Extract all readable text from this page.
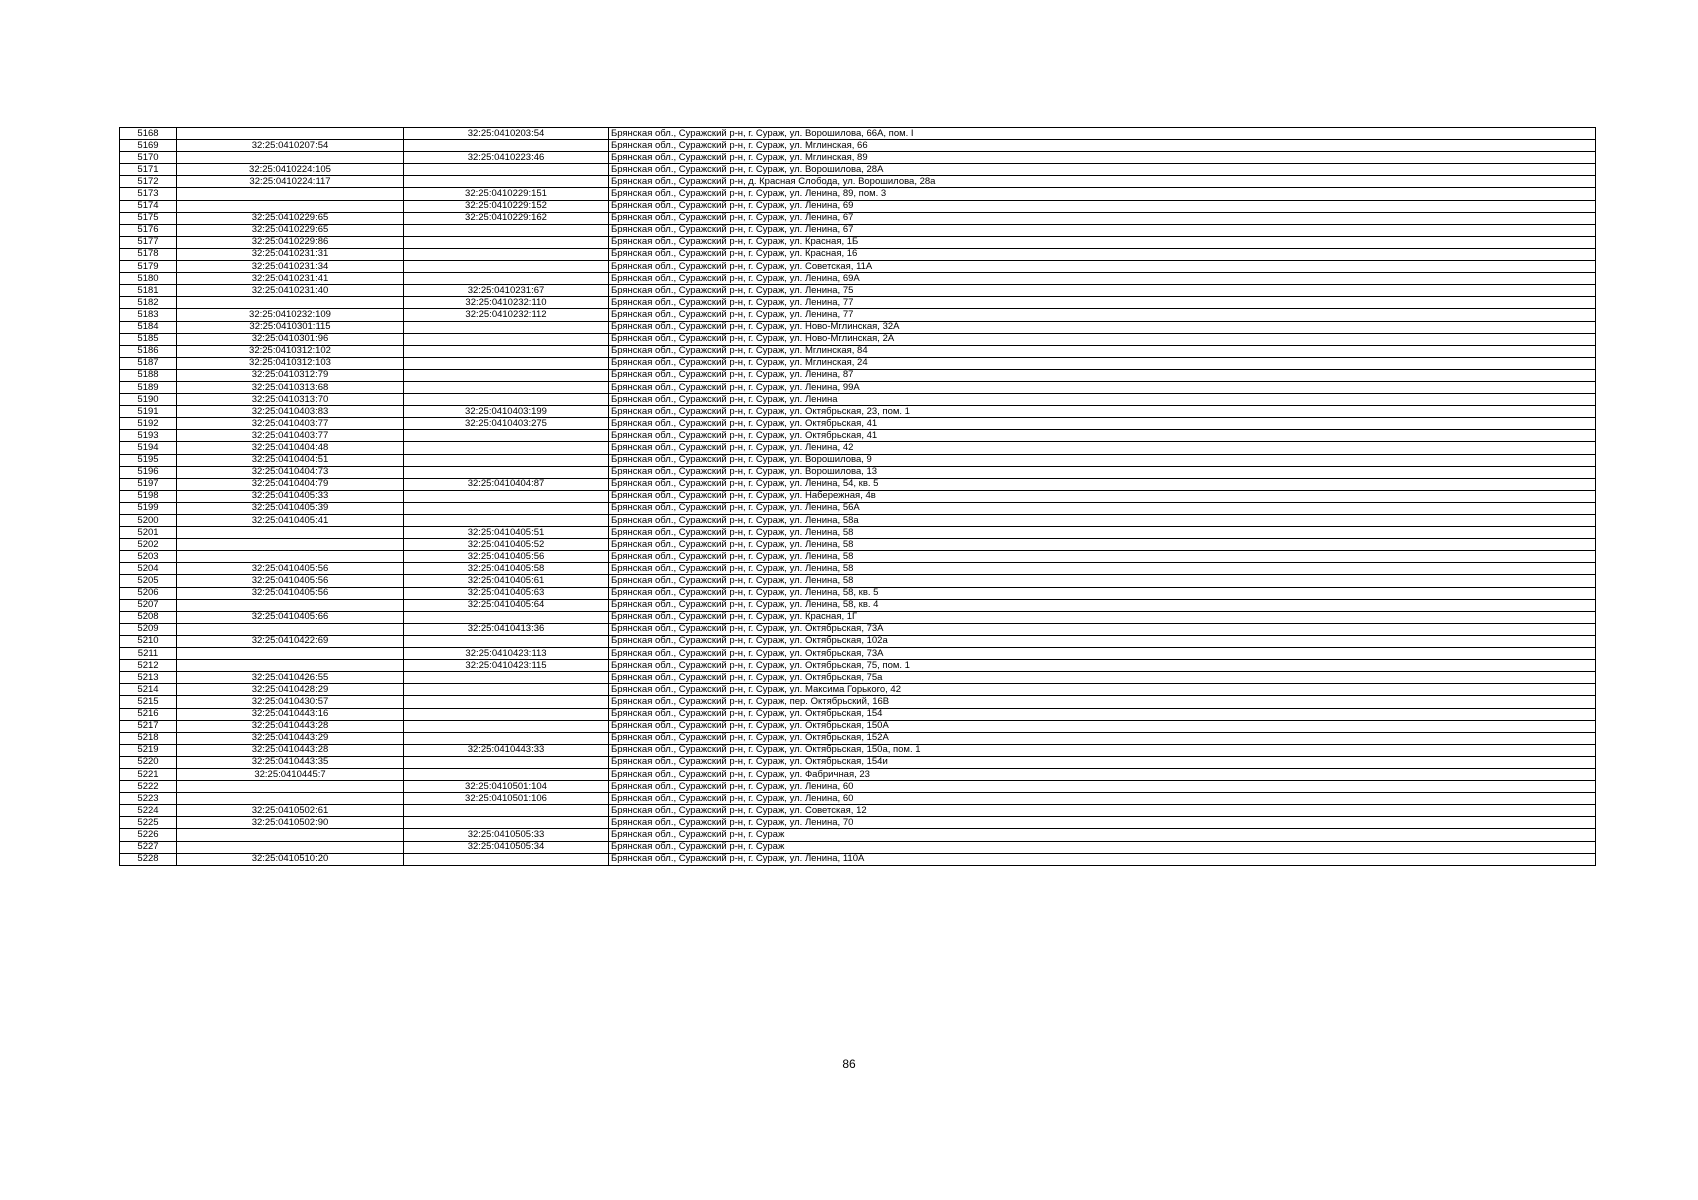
5168		32:25:0410203:54	Брянская обл., Суражский р-н, г. Сураж, ул. Ворошилова, 66А, пом. I
5169	32:25:0410207:54		Брянская обл., Суражский р-н, г. Сураж, ул. Мглинская, 66
5170		32:25:0410223:46	Брянская обл., Суражский р-н, г. Сураж, ул. Мглинская, 89
5171	32:25:0410224:105		Брянская обл., Суражский р-н, г. Сураж, ул. Ворошилова, 28А
5172	32:25:0410224:117		Брянская обл., Суражский р-н, д. Красная Слобода, ул. Ворошилова, 28а
5173		32:25:0410229:151	Брянская обл., Суражский р-н, г. Сураж, ул. Ленина, 89, пом. 3
5174		32:25:0410229:152	Брянская обл., Суражский р-н, г. Сураж, ул. Ленина, 69
5175	32:25:0410229:65	32:25:0410229:162	Брянская обл., Суражский р-н, г. Сураж, ул. Ленина, 67
5176	32:25:0410229:65		Брянская обл., Суражский р-н, г. Сураж, ул. Ленина, 67
5177	32:25:0410229:86		Брянская обл., Суражский р-н, г. Сураж, ул. Красная, 1Б
5178	32:25:0410231:31		Брянская обл., Суражский р-н, г. Сураж, ул. Красная, 16
5179	32:25:0410231:34		Брянская обл., Суражский р-н, г. Сураж, ул. Советская, 11А
5180	32:25:0410231:41		Брянская обл., Суражский р-н, г. Сураж, ул. Ленина, 69А
5181	32:25:0410231:40	32:25:0410231:67	Брянская обл., Суражский р-н, г. Сураж, ул. Ленина, 75
5182		32:25:0410232:110	Брянская обл., Суражский р-н, г. Сураж, ул. Ленина, 77
5183	32:25:0410232:109	32:25:0410232:112	Брянская обл., Суражский р-н, г. Сураж, ул. Ленина, 77
5184	32:25:0410301:115		Брянская обл., Суражский р-н, г. Сураж, ул. Ново-Мглинская, 32А
5185	32:25:0410301:96		Брянская обл., Суражский р-н, г. Сураж, ул. Ново-Мглинская, 2А
5186	32:25:0410312:102		Брянская обл., Суражский р-н, г. Сураж, ул. Мглинская, 84
5187	32:25:0410312:103		Брянская обл., Суражский р-н, г. Сураж, ул. Мглинская, 24
5188	32:25:0410312:79		Брянская обл., Суражский р-н, г. Сураж, ул. Ленина, 87
5189	32:25:0410313:68		Брянская обл., Суражский р-н, г. Сураж, ул. Ленина, 99А
5190	32:25:0410313:70		Брянская обл., Суражский р-н, г. Сураж, ул. Ленина
5191	32:25:0410403:83	32:25:0410403:199	Брянская обл., Суражский р-н, г. Сураж, ул. Октябрьская, 23, пом. 1
5192	32:25:0410403:77	32:25:0410403:275	Брянская обл., Суражский р-н, г. Сураж, ул. Октябрьская, 41
5193	32:25:0410403:77		Брянская обл., Суражский р-н, г. Сураж, ул. Октябрьская, 41
5194	32:25:0410404:48		Брянская обл., Суражский р-н, г. Сураж, ул. Ленина, 42
5195	32:25:0410404:51		Брянская обл., Суражский р-н, г. Сураж, ул. Ворошилова, 9
5196	32:25:0410404:73		Брянская обл., Суражский р-н, г. Сураж, ул. Ворошилова, 13
5197	32:25:0410404:79	32:25:0410404:87	Брянская обл., Суражский р-н, г. Сураж, ул. Ленина, 54, кв. 5
5198	32:25:0410405:33		Брянская обл., Суражский р-н, г. Сураж, ул. Набережная, 4в
5199	32:25:0410405:39		Брянская обл., Суражский р-н, г. Сураж, ул. Ленина, 56А
5200	32:25:0410405:41		Брянская обл., Суражский р-н, г. Сураж, ул. Ленина, 58а
5201		32:25:0410405:51	Брянская обл., Суражский р-н, г. Сураж, ул. Ленина, 58
5202		32:25:0410405:52	Брянская обл., Суражский р-н, г. Сураж, ул. Ленина, 58
5203		32:25:0410405:56	Брянская обл., Суражский р-н, г. Сураж, ул. Ленина, 58
5204	32:25:0410405:56	32:25:0410405:58	Брянская обл., Суражский р-н, г. Сураж, ул. Ленина, 58
5205	32:25:0410405:56	32:25:0410405:61	Брянская обл., Суражский р-н, г. Сураж, ул. Ленина, 58
5206	32:25:0410405:56	32:25:0410405:63	Брянская обл., Суражский р-н, г. Сураж, ул. Ленина, 58, кв. 5
5207		32:25:0410405:64	Брянская обл., Суражский р-н, г. Сураж, ул. Ленина, 58, кв. 4
5208	32:25:0410405:66		Брянская обл., Суражский р-н, г. Сураж, ул. Красная, 1Г
5209		32:25:0410413:36	Брянская обл., Суражский р-н, г. Сураж, ул. Октябрьская, 73А
5210	32:25:0410422:69		Брянская обл., Суражский р-н, г. Сураж, ул. Октябрьская, 102а
5211		32:25:0410423:113	Брянская обл., Суражский р-н, г. Сураж, ул. Октябрьская, 73А
5212		32:25:0410423:115	Брянская обл., Суражский р-н, г. Сураж, ул. Октябрьская, 75, пом. 1
5213	32:25:0410426:55		Брянская обл., Суражский р-н, г. Сураж, ул. Октябрьская, 75а
5214	32:25:0410428:29		Брянская обл., Суражский р-н, г. Сураж, ул. Максима Горького, 42
5215	32:25:0410430:57		Брянская обл., Суражский р-н, г. Сураж, пер. Октябрьский, 16В
5216	32:25:0410443:16		Брянская обл., Суражский р-н, г. Сураж, ул. Октябрьская, 154
5217	32:25:0410443:28		Брянская обл., Суражский р-н, г. Сураж, ул. Октябрьская, 150А
5218	32:25:0410443:29		Брянская обл., Суражский р-н, г. Сураж, ул. Октябрьская, 152А
5219	32:25:0410443:28	32:25:0410443:33	Брянская обл., Суражский р-н, г. Сураж, ул. Октябрьская, 150а, пом. 1
5220	32:25:0410443:35		Брянская обл., Суражский р-н, г. Сураж, ул. Октябрьская, 154и
5221	32:25:0410445:7		Брянская обл., Суражский р-н, г. Сураж, ул. Фабричная, 23
5222		32:25:0410501:104	Брянская обл., Суражский р-н, г. Сураж, ул. Ленина, 60
5223		32:25:0410501:106	Брянская обл., Суражский р-н, г. Сураж, ул. Ленина, 60
5224	32:25:0410502:61		Брянская обл., Суражский р-н, г. Сураж, ул. Советская, 12
5225	32:25:0410502:90		Брянская обл., Суражский р-н, г. Сураж, ул. Ленина, 70
5226		32:25:0410505:33	Брянская обл., Суражский р-н, г. Сураж
5227		32:25:0410505:34	Брянская обл., Суражский р-н, г. Сураж
5228	32:25:0410510:20		Брянская обл., Суражский р-н, г. Сураж, ул. Ленина, 110А
86
